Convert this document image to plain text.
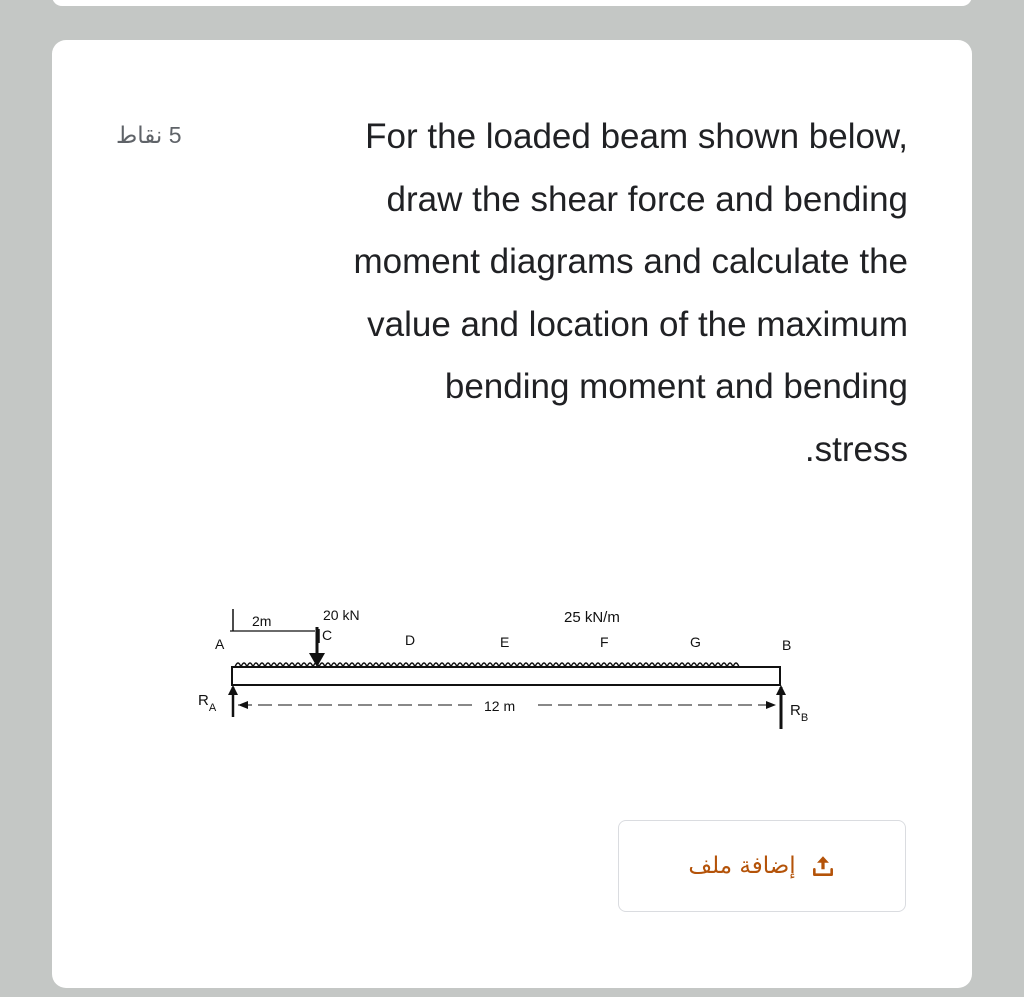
5 نقاط	For the loaded beam shown below,
draw the shear force and bending
moment diagrams and calculate the
value and location of the maximum
bending moment and bending
.stress
2m	20 kN	25 kN/m
A
C	D	E	F	G	B
12 m
$R_A$	$R_B$
إضافة ملف
